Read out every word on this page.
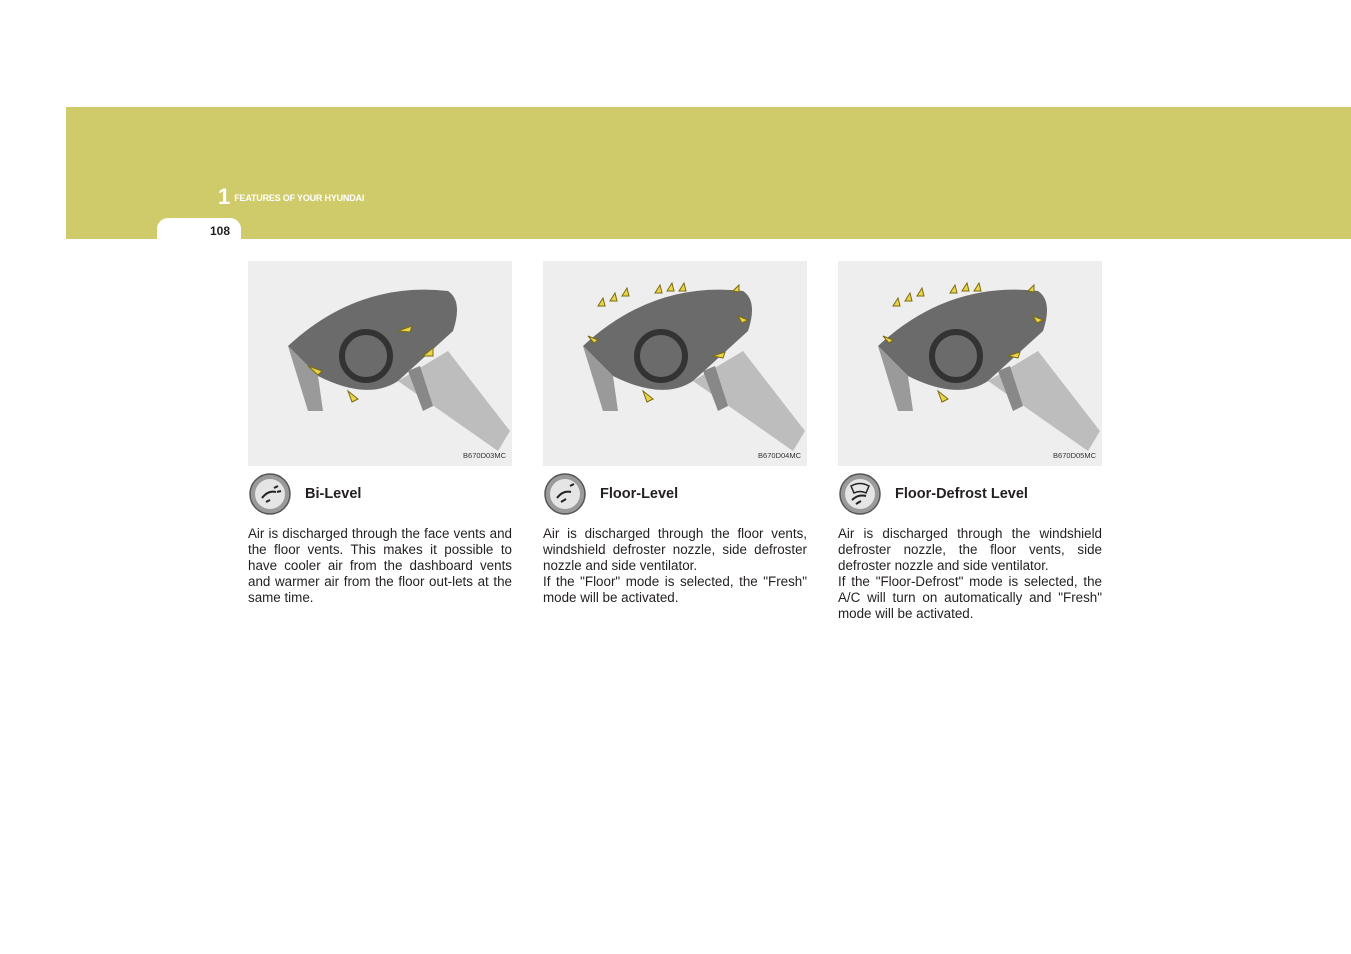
1 FEATURES OF YOUR HYUNDAI
108
B670D03MC
Bi-Level

Air is discharged through the face vents and the floor vents. This makes it possible to have cooler air from the dashboard vents and warmer air from the floor out-lets at the same time.

B670D04MC
Floor-Level

Air is discharged through the floor vents, windshield defroster nozzle, side defroster nozzle and side ventilator.

If the "Floor" mode is selected, the "Fresh" mode will be activated.

B670D05MC
Floor-Defrost Level

Air is discharged through the windshield defroster nozzle, the floor vents, side defroster nozzle and side ventilator.

If the "Floor-Defrost" mode is selected, the A/C will turn on automatically and "Fresh" mode will be activated.
